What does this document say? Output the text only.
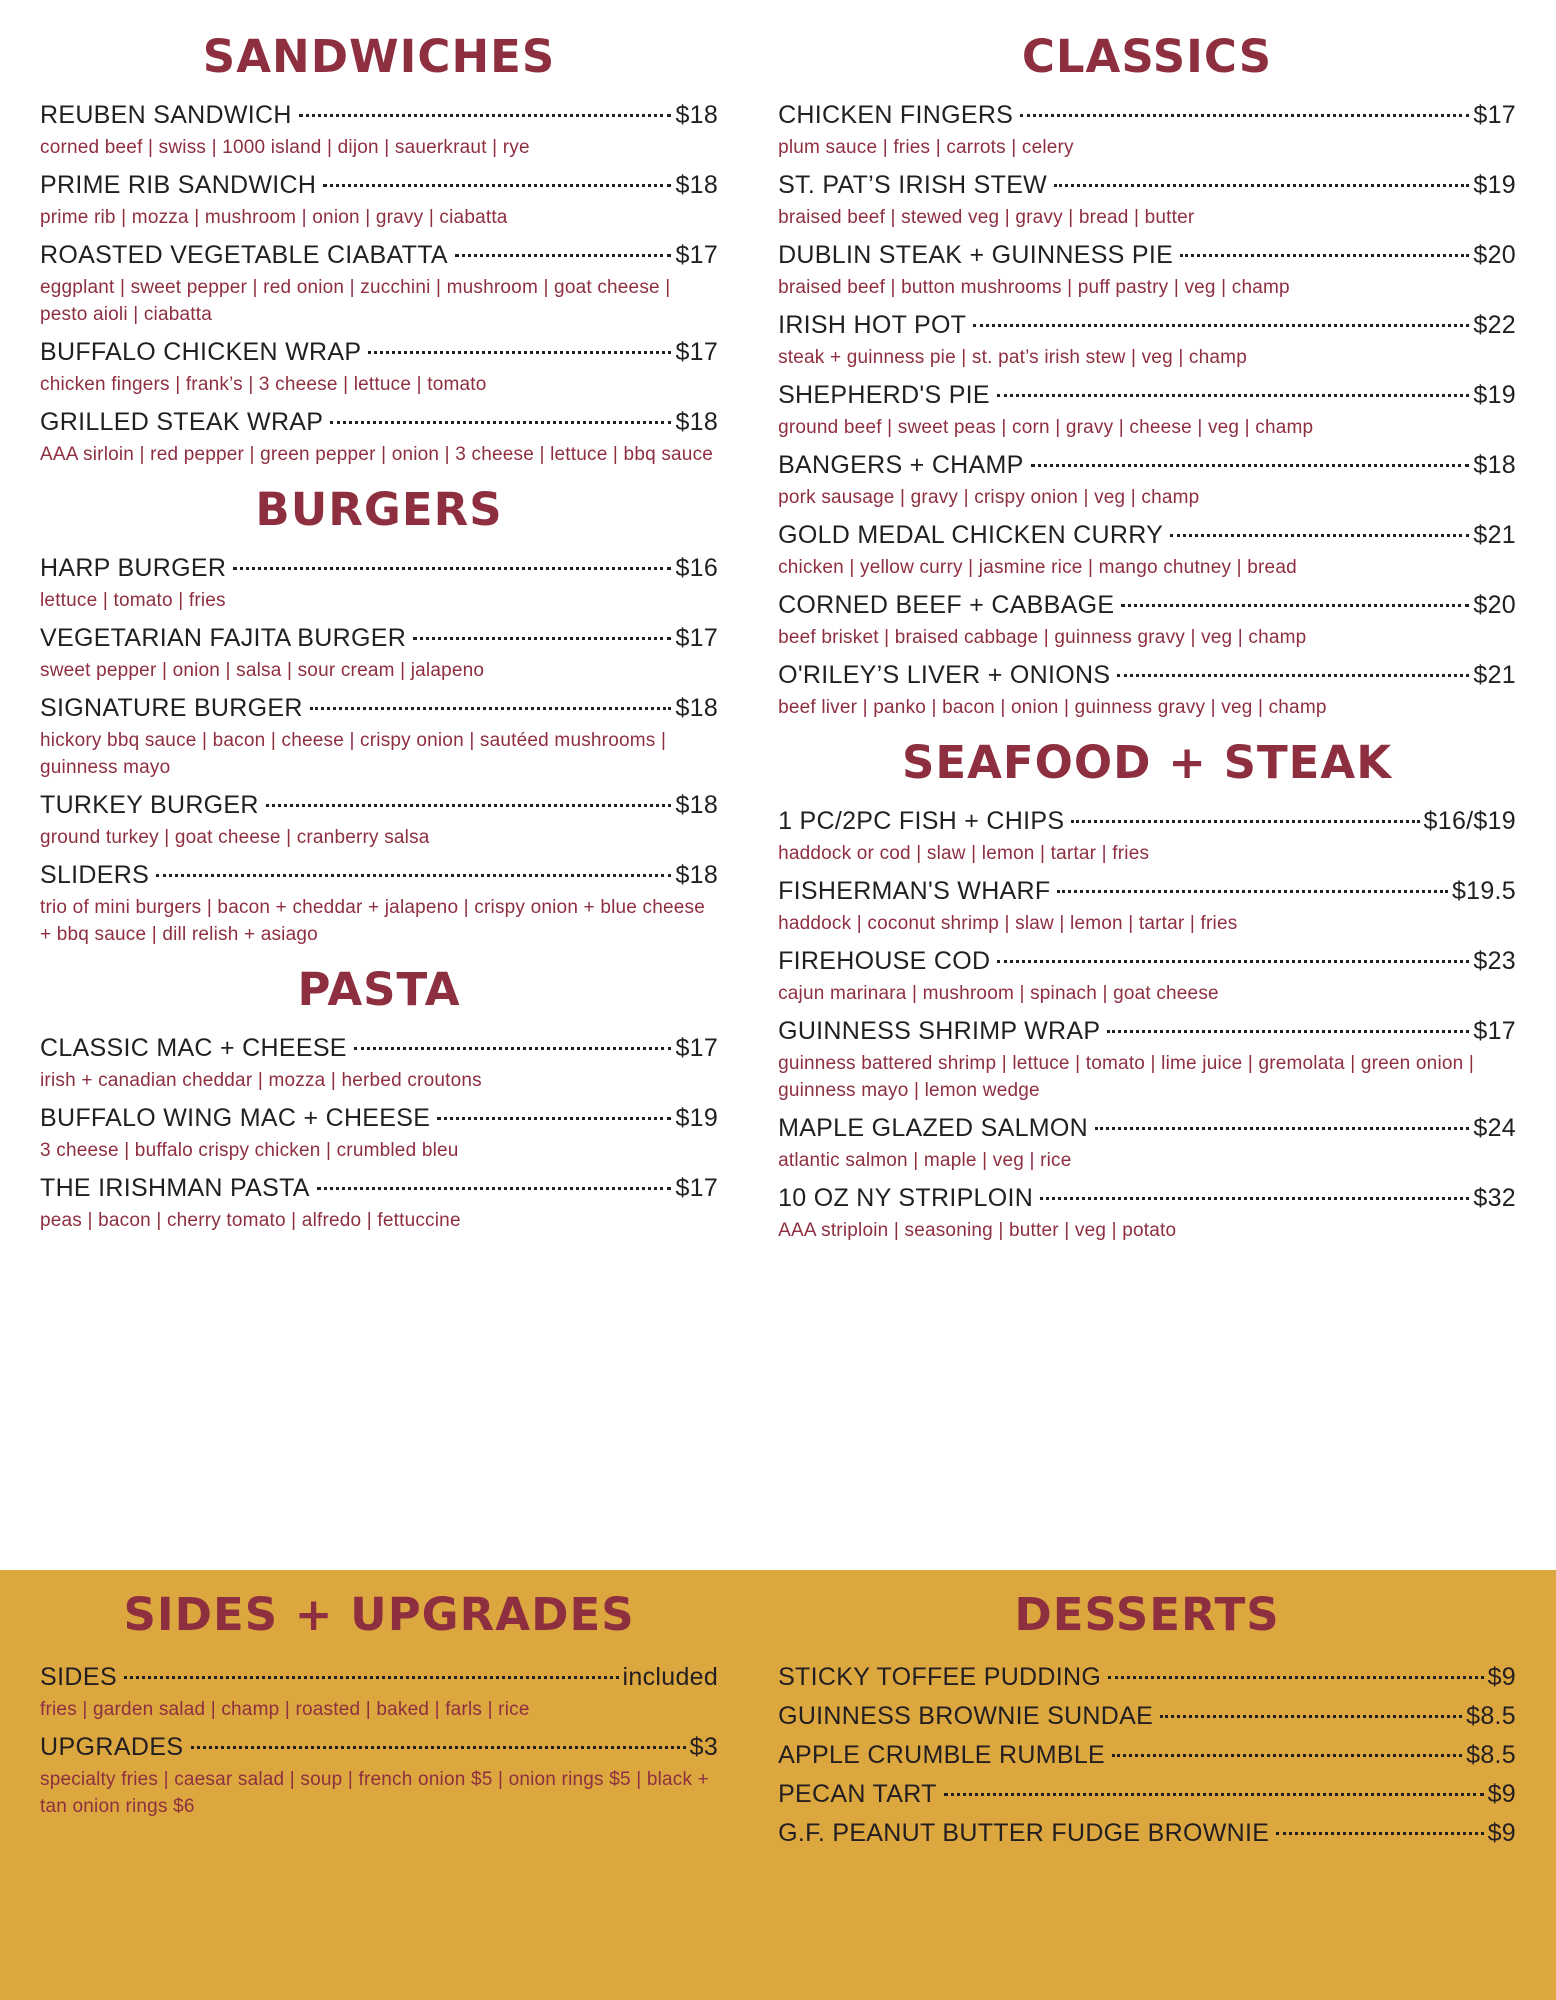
SANDWICHES
REUBEN SANDWICH	$18
corned beef | swiss | 1000 island | dijon | sauerkraut | rye
PRIME RIB SANDWICH	$18
prime rib | mozza | mushroom | onion | gravy | ciabatta
ROASTED VEGETABLE CIABATTA	$17
eggplant | sweet pepper | red onion | zucchini | mushroom | goat cheese | pesto aioli | ciabatta
BUFFALO CHICKEN WRAP	$17
chicken fingers | frank’s | 3 cheese | lettuce | tomato
GRILLED STEAK WRAP	$18
AAA sirloin | red pepper | green pepper | onion | 3 cheese | lettuce | bbq sauce
BURGERS
HARP BURGER	$16
lettuce | tomato | fries
VEGETARIAN FAJITA BURGER	$17
sweet pepper | onion | salsa | sour cream | jalapeno
SIGNATURE BURGER	$18
hickory bbq sauce | bacon | cheese | crispy onion | sautéed mushrooms | guinness mayo
TURKEY BURGER	$18
ground turkey | goat cheese | cranberry salsa
SLIDERS	$18
trio of mini burgers | bacon + cheddar + jalapeno | crispy onion + blue cheese + bbq sauce | dill relish + asiago
PASTA
CLASSIC MAC + CHEESE	$17
irish + canadian cheddar | mozza | herbed croutons
BUFFALO WING MAC + CHEESE	$19
3 cheese | buffalo crispy chicken | crumbled bleu
THE IRISHMAN PASTA	$17
peas | bacon | cherry tomato | alfredo | fettuccine
CLASSICS
CHICKEN FINGERS	$17
plum sauce | fries | carrots | celery
ST. PAT’S IRISH STEW	$19
braised beef | stewed veg | gravy | bread | butter
DUBLIN STEAK + GUINNESS PIE	$20
braised beef | button mushrooms | puff pastry | veg | champ
IRISH HOT POT	$22
steak + guinness pie | st. pat’s irish stew | veg | champ
SHEPHERD'S PIE	$19
ground beef | sweet peas | corn | gravy | cheese | veg | champ
BANGERS + CHAMP	$18
pork sausage | gravy | crispy onion | veg | champ
GOLD MEDAL CHICKEN CURRY	$21
chicken | yellow curry | jasmine rice | mango chutney | bread
CORNED BEEF + CABBAGE	$20
beef brisket | braised cabbage | guinness gravy | veg | champ
O'RILEY’S LIVER + ONIONS	$21
beef liver | panko | bacon | onion | guinness gravy | veg | champ
SEAFOOD + STEAK
1 PC/2PC FISH + CHIPS	$16/$19
haddock or cod | slaw | lemon | tartar | fries
FISHERMAN'S WHARF	$19.5
haddock | coconut shrimp | slaw | lemon | tartar | fries
FIREHOUSE COD	$23
cajun marinara | mushroom | spinach | goat cheese
GUINNESS SHRIMP WRAP	$17
guinness battered shrimp | lettuce | tomato | lime juice | gremolata | green onion | guinness mayo | lemon wedge
MAPLE GLAZED SALMON	$24
atlantic salmon | maple | veg | rice
10 OZ NY STRIPLOIN	$32
AAA striploin | seasoning | butter | veg | potato
SIDES + UPGRADES
SIDES	included
fries | garden salad | champ | roasted | baked | farls | rice
UPGRADES	$3
specialty fries | caesar salad | soup | french onion $5 | onion rings $5 | black + tan onion rings $6
DESSERTS
STICKY TOFFEE PUDDING	$9
GUINNESS BROWNIE SUNDAE	$8.5
APPLE CRUMBLE RUMBLE	$8.5
PECAN TART	$9
G.F. PEANUT BUTTER FUDGE BROWNIE	$9
